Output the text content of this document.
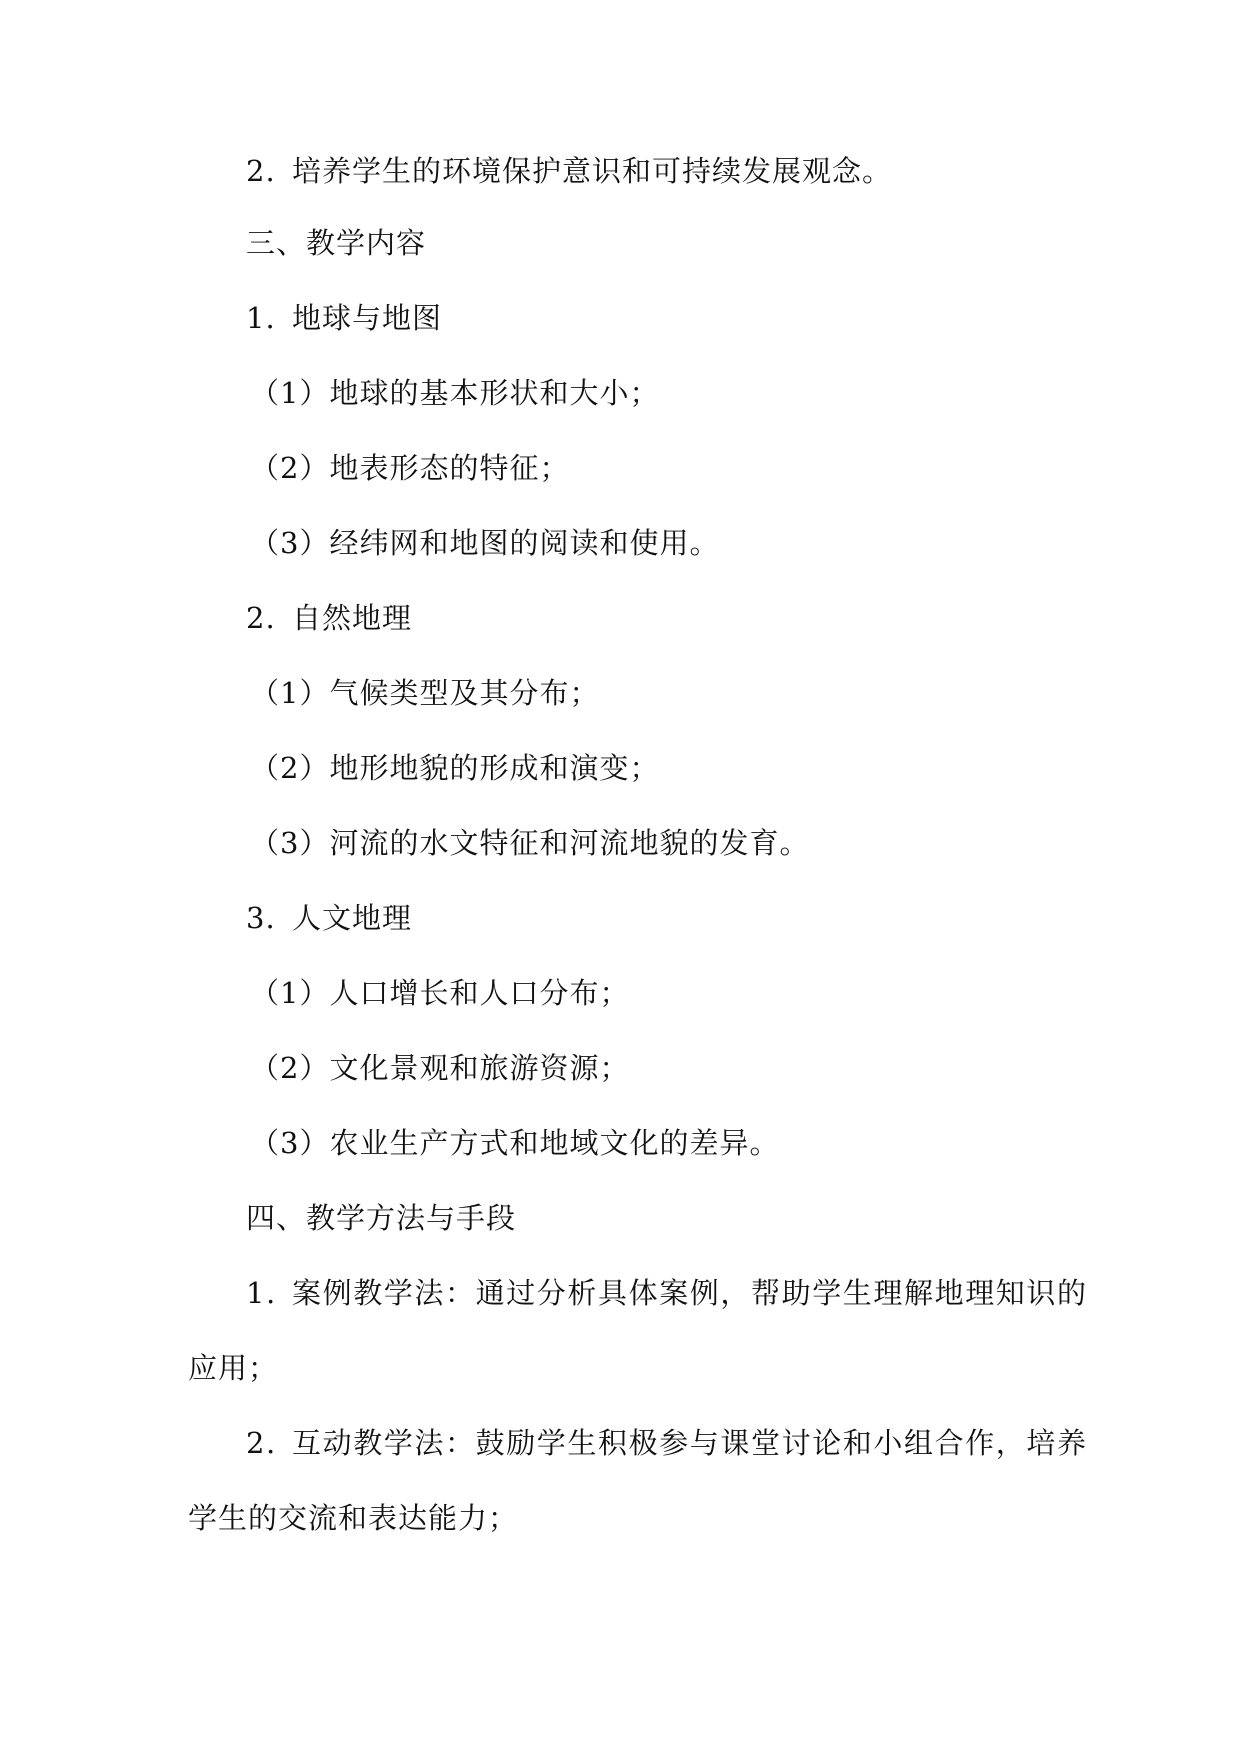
2. 培养学生的环境保护意识和可持续发展观念。
三、教学内容
1. 地球与地图
（1）地球的基本形状和大小；
（2）地表形态的特征；
（3）经纬网和地图的阅读和使用。
2. 自然地理
（1）气候类型及其分布；
（2）地形地貌的形成和演变；
（3）河流的水文特征和河流地貌的发育。
3. 人文地理
（1）人口增长和人口分布；
（2）文化景观和旅游资源；
（3）农业生产方式和地域文化的差异。
四、教学方法与手段
1. 案例教学法：通过分析具体案例，帮助学生理解地理知识的
应用；
2. 互动教学法：鼓励学生积极参与课堂讨论和小组合作，培养
学生的交流和表达能力；
